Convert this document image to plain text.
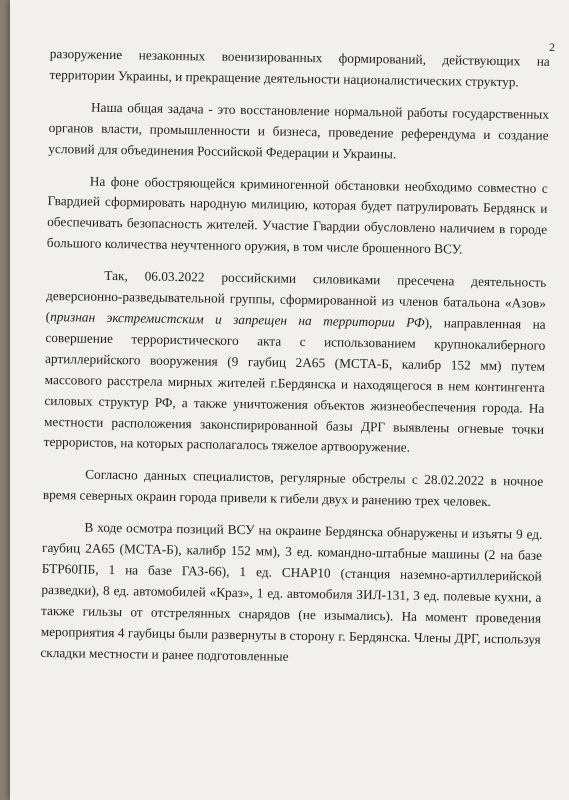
2

разоружение незаконных военизированных формирований, действующих на территории Украины, и прекращение деятельности националистических структур.

Наша общая задача - это восстановление нормальной работы государственных органов власти, промышленности и бизнеса, проведение референдума и создание условий для объединения Российской Федерации и Украины.

На фоне обостряющейся криминогенной обстановки необходимо совместно с Гвардией сформировать народную милицию, которая будет патрулировать Бердянск и обеспечивать безопасность жителей. Участие Гвардии обусловлено наличием в городе большого количества неучтенного оружия, в том числе брошенного ВСУ.

Так, 06.03.2022 российскими силовиками пресечена деятельность деверсионно-разведывательной группы, сформированной из членов батальона «Азов» (признан экстремистским и запрещен на территории РФ), направленная на совершение террористического акта с использованием крупнокалиберного артиллерийского вооружения (9 гаубиц 2А65 (МСТА-Б, калибр 152 мм) путем массового расстрела мирных жителей г.Бердянска и находящегося в нем контингента силовых структур РФ, а также уничтожения объектов жизнеобеспечения города. На местности расположения законспирированной базы ДРГ выявлены огневые точки террористов, на которых располагалось тяжелое артвооружение.

Согласно данных специалистов, регулярные обстрелы с 28.02.2022 в ночное время северных окраин города привели к гибели двух и ранению трех человек.

В ходе осмотра позиций ВСУ на окраине Бердянска обнаружены и изъяты 9 ед. гаубиц 2А65 (МСТА-Б), калибр 152 мм), 3 ед. командно-штабные машины (2 на базе БТР60ПБ, 1 на базе ГАЗ-66), 1 ед. СНАР10 (станция наземно-артиллерийской разведки), 8 ед. автомобилей «Краз», 1 ед. автомобиля ЗИЛ-131, 3 ед. полевые кухни, а также гильзы от отстрелянных снарядов (не изымались). На момент проведения мероприятия 4 гаубицы были развернуты в сторону г. Бердянска. Члены ДРГ, используя складки местности и ранее подготовленные
